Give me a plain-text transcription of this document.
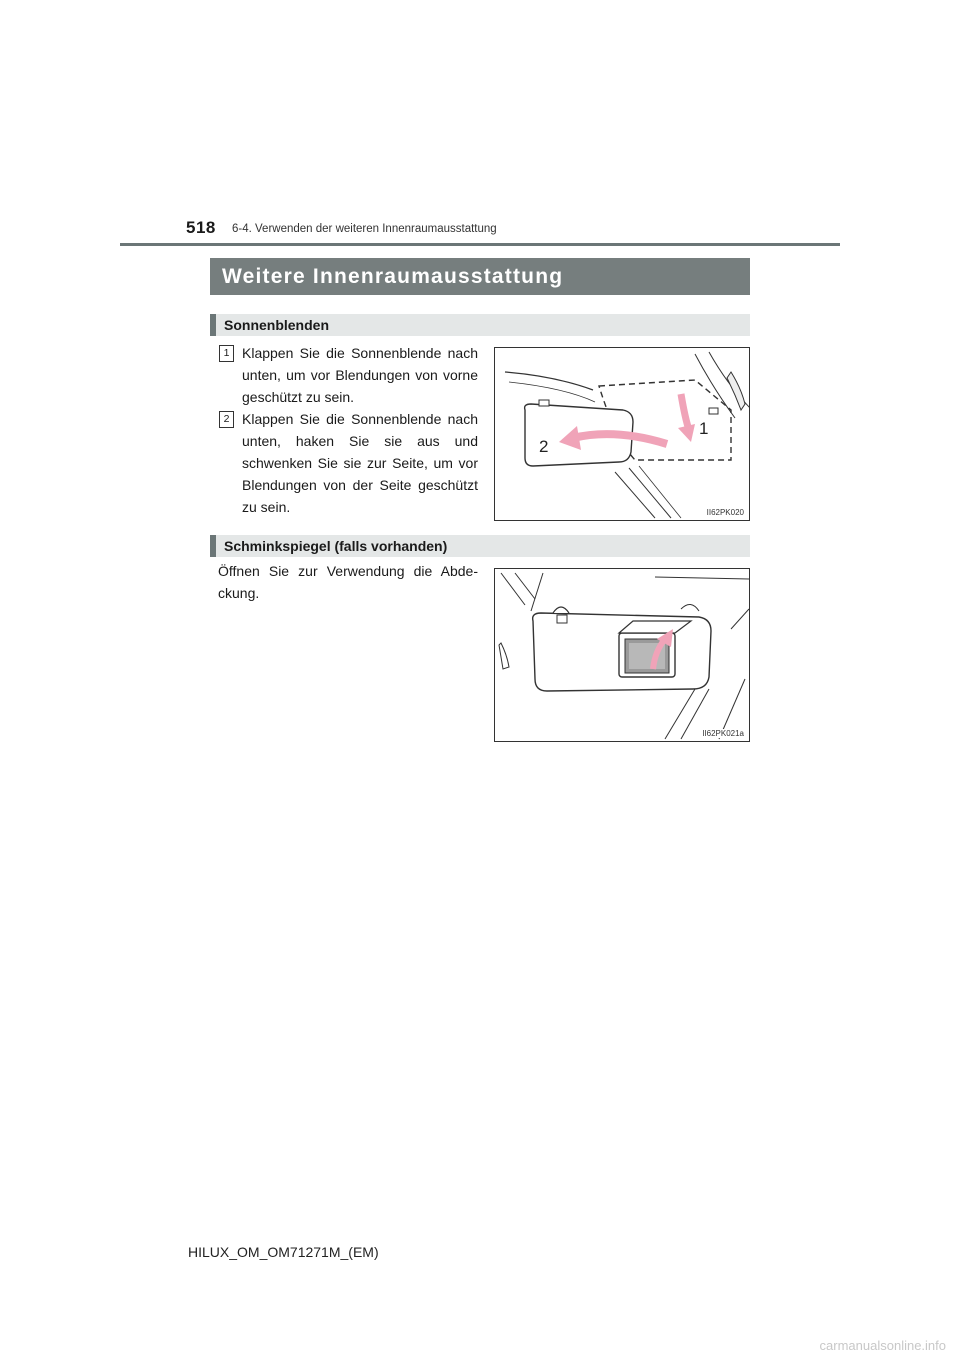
518 6-4. Verwenden der weiteren Innenraumausstattung
Weitere Innenraumausstattung
Sonnenblenden
1 Klappen Sie die Sonnenblende nach unten, um vor Blendungen von vorne geschützt zu sein.
2 Klappen Sie die Sonnenblende nach unten, haken Sie sie aus und schwenken Sie sie zur Seite, um vor Blendungen von der Seite geschützt zu sein.
1
2
II62PK020
Schminkspiegel (falls vorhanden)
Öffnen Sie zur Verwendung die Abde-ckung.
II62PK021a
HILUX_OM_OM71271M_(EM)
carmanualsonline.info
